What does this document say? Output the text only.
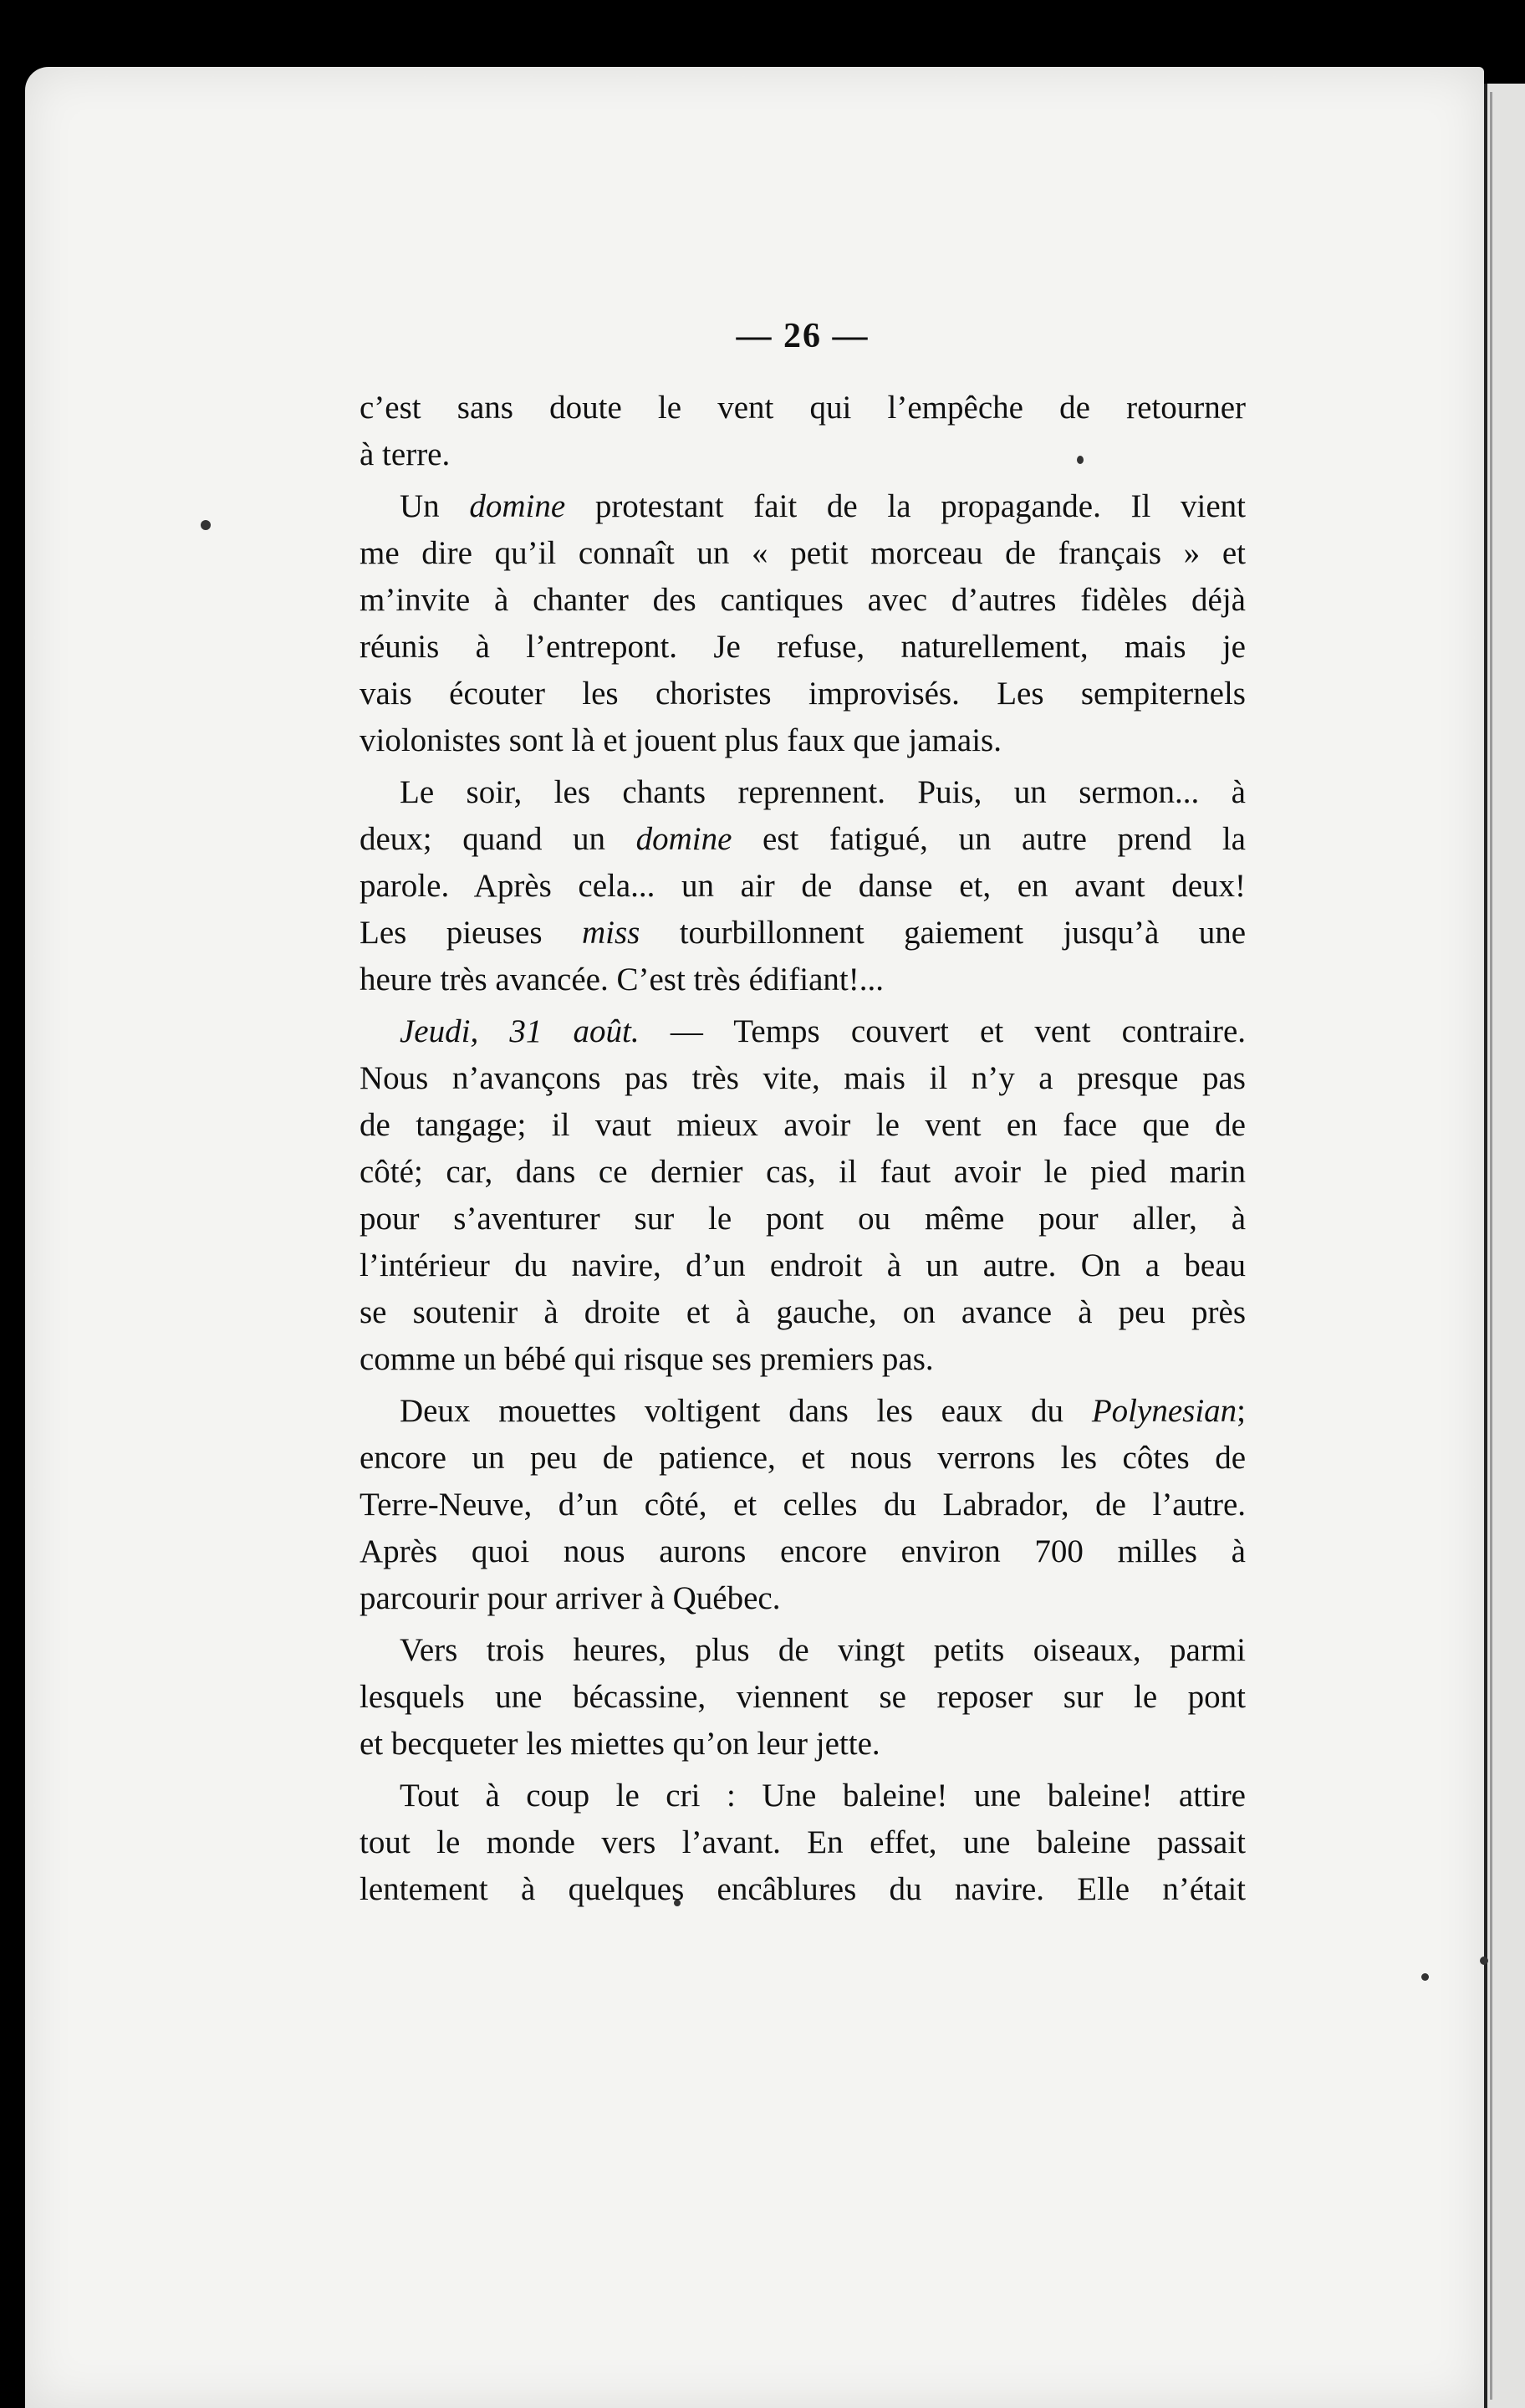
— 26 —
c’est sans doute le vent qui l’empêche de retourner
à terre.
Un domine protestant fait de la propagande. Il vient
me dire qu’il connaît un « petit morceau de français » et
m’invite à chanter des cantiques avec d’autres fidèles déjà
réunis à l’entrepont. Je refuse, naturellement, mais je
vais écouter les choristes improvisés. Les sempiternels
violonistes sont là et jouent plus faux que jamais.
Le soir, les chants reprennent. Puis, un sermon... à
deux; quand un domine est fatigué, un autre prend la
parole. Après cela... un air de danse et, en avant deux!
Les pieuses miss tourbillonnent gaiement jusqu’à une
heure très avancée. C’est très édifiant!...
Jeudi, 31 août. — Temps couvert et vent contraire.
Nous n’avançons pas très vite, mais il n’y a presque pas
de tangage; il vaut mieux avoir le vent en face que de
côté; car, dans ce dernier cas, il faut avoir le pied marin
pour s’aventurer sur le pont ou même pour aller, à
l’intérieur du navire, d’un endroit à un autre. On a beau
se soutenir à droite et à gauche, on avance à peu près
comme un bébé qui risque ses premiers pas.
Deux mouettes voltigent dans les eaux du Polynesian;
encore un peu de patience, et nous verrons les côtes de
Terre-Neuve, d’un côté, et celles du Labrador, de l’autre.
Après quoi nous aurons encore environ 700 milles à
parcourir pour arriver à Québec.
Vers trois heures, plus de vingt petits oiseaux, parmi
lesquels une bécassine, viennent se reposer sur le pont
et becqueter les miettes qu’on leur jette.
Tout à coup le cri : Une baleine! une baleine! attire
tout le monde vers l’avant. En effet, une baleine passait
lentement à quelques encâblures du navire. Elle n’était
